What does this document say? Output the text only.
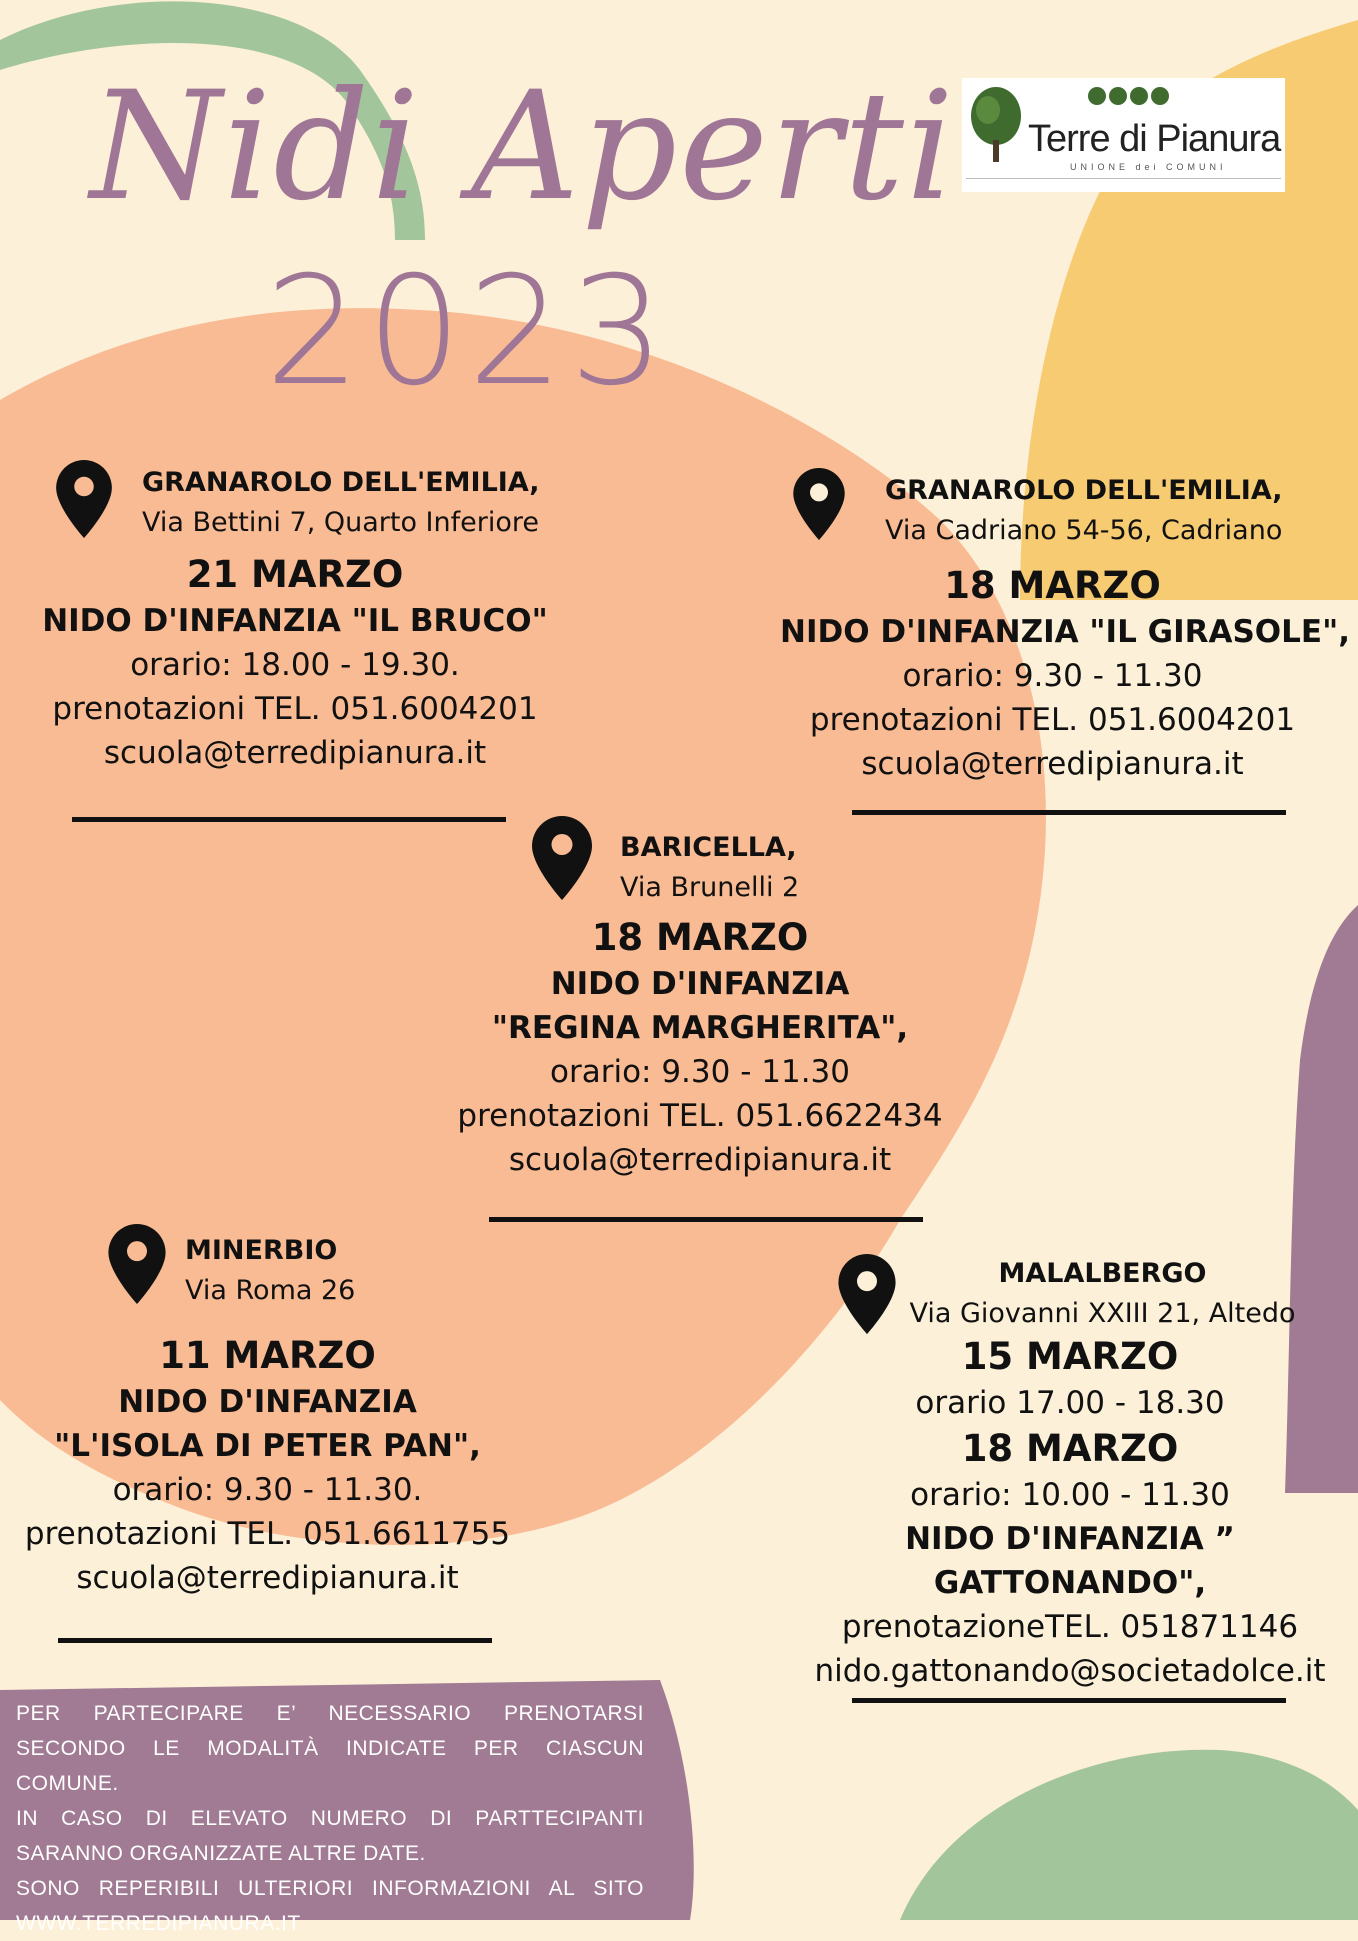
Nidi Aperti
2023
Terre di Pianura
UNIONE dei COMUNI
GRANAROLO DELL'EMILIA,
Via Bettini 7, Quarto Inferiore
21 MARZO
NIDO D'INFANZIA "IL BRUCO"
orario: 18.00 - 19.30.
prenotazioni TEL. 051.6004201
scuola@terredipianura.it
GRANAROLO DELL'EMILIA,
Via Cadriano 54-56, Cadriano
18 MARZO
NIDO D'INFANZIA "IL GIRASOLE",
orario: 9.30 - 11.30
prenotazioni TEL. 051.6004201
scuola@terredipianura.it
BARICELLA,
Via Brunelli 2
18 MARZO
NIDO D'INFANZIA
"REGINA MARGHERITA",
orario: 9.30 - 11.30
prenotazioni TEL. 051.6622434
scuola@terredipianura.it
MINERBIO
Via Roma 26
11 MARZO
NIDO D'INFANZIA
"L'ISOLA DI PETER PAN",
orario: 9.30 - 11.30.
prenotazioni TEL. 051.6611755
scuola@terredipianura.it
MALALBERGO
Via Giovanni XXIII 21, Altedo
15 MARZO
orario 17.00 - 18.30
18 MARZO
orario: 10.00 - 11.30
NIDO D'INFANZIA ”
GATTONANDO",
prenotazioneTEL. 051871146
nido.gattonando@societadolce.it
PER PARTECIPARE E’ NECESSARIO PRENOTARSI SECONDO LE MODALITÀ INDICATE PER CIASCUN COMUNE.
IN CASO DI ELEVATO NUMERO DI PARTTECIPANTI SARANNO ORGANIZZATE ALTRE DATE.
SONO REPERIBILI ULTERIORI INFORMAZIONI AL SITO WWW.TERREDIPIANURA.IT
